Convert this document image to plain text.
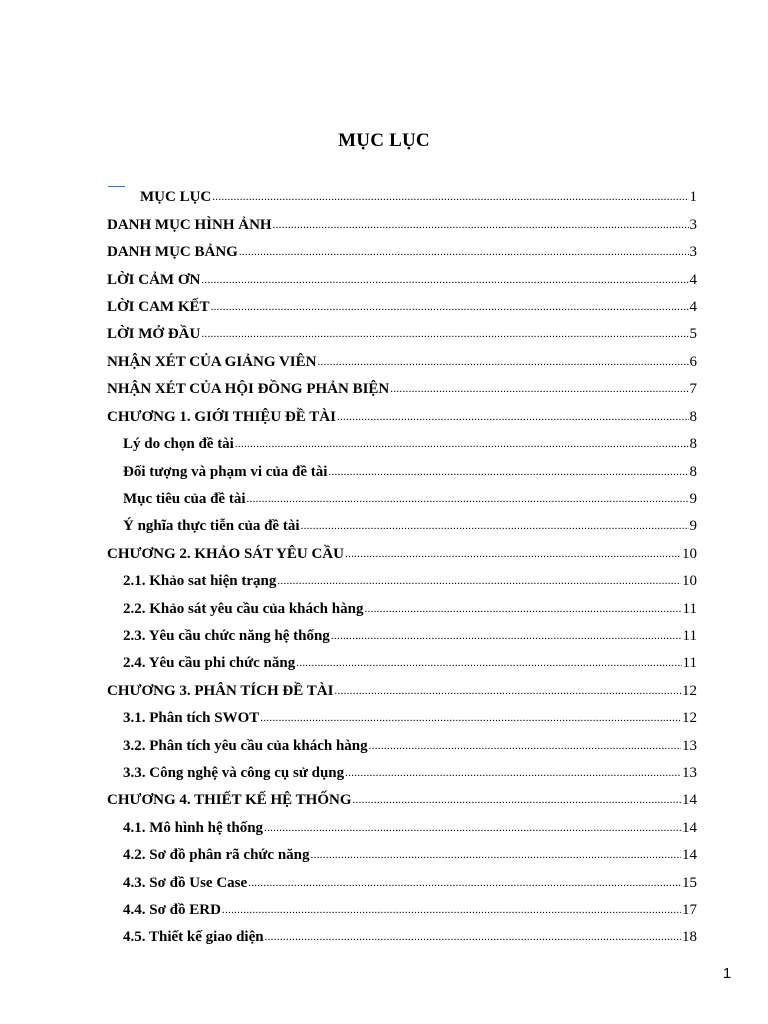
MỤC LỤC
MỤC LỤC .....	1
DANH MỤC HÌNH ẢNH .....	3
DANH MỤC BẢNG .....	3
LỜI CẢM ƠN .....	4
LỜI CAM KẾT .....	4
LỜI MỞ ĐẦU .....	5
NHẬN XÉT CỦA GIẢNG VIÊN .....	6
NHẬN XÉT CỦA HỘI ĐỒNG PHẢN BIỆN .....	7
CHƯƠNG 1. GIỚI THIỆU ĐỀ TÀI .....	8
Lý do chọn đề tài .....	8
Đối tượng và phạm vi của đề tài .....	8
Mục tiêu của đề tài .....	9
Ý nghĩa thực tiễn của đề tài .....	9
CHƯƠNG 2. KHẢO SÁT YÊU CẦU .....	10
2.1. Khảo sat hiện trạng .....	10
2.2. Khảo sát yêu cầu của khách hàng .....	11
2.3. Yêu cầu chức năng hệ thống .....	11
2.4. Yêu cầu phi chức năng .....	11
CHƯƠNG 3. PHÂN TÍCH ĐỀ TÀI .....	12
3.1. Phân tích SWOT .....	12
3.2. Phân tích yêu cầu của khách hàng .....	13
3.3. Công nghệ và công cụ sử dụng .....	13
CHƯƠNG 4. THIẾT KẾ HỆ THỐNG .....	14
4.1. Mô hình hệ thống .....	14
4.2. Sơ đồ phân rã chức năng .....	14
4.3. Sơ đồ Use Case .....	15
4.4. Sơ đồ ERD .....	17
4.5. Thiết kế giao diện .....	18
1
